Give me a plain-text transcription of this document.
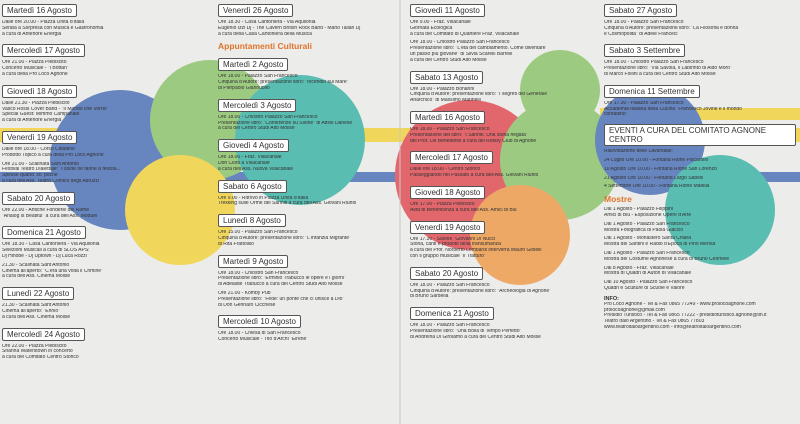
Martedì 16 Agosto
Dalle ore 20.00 - Piazza Unità d'Italia
Serata a Sorpresa con Musica e Gastronomia
a cura di Antenore Energia
Mercoledì 17 Agosto
Ore 21.00 - Piazza Plebiscito
Concerto Musicale - "I Bottari"
a cura della Pro Loco Agnone
Giovedì 18 Agosto
Dalle 21.30 - Piazza Plebiscito
Vasco Rossi Cover Band - "Il Mondo che Vorrei"
Special Guest: Mimmo Campanale
a cura di Antenore Energia
Venerdì 19 Agosto
Dalle ore 18.00 - Corso Cittadino
Prodotto Topico a cura della Pro Loco Agnone
Ore 21.00 - Scalinata Sant'Antonio
Festival Teatro Dialettale: "I solde ne fanne a felicità...
Spesse quand' so' poche"
a cura dell'Ass. Teatro Comico degli Abruzzi
Sabato 20 Agosto
Ore 22.00 - Antiche Fonderie del Rame
"Analog is Beatiful" a cura dell'Ass. Moduel
Domenica 21 Agosto
Ore 18.30 - Casa Cantoniera - Via Aquilonia
Selezioni Musicali a cura di SLOS APS:
Dj Hinobe - Dj Uptown - Dj Luca Rozzi
21.30 - Scalinata Sant'Antonio
Cinema all'aperto: "C'era una volta il Crimine"
a cura dell'Ass. Cinema Molise
Lunedì 22 Agosto
21.30 - Scalinata Sant'Antonio
Cinema all'aperto: "Ennio"
a cura dell'Ass. Cinema Molise
Mercoledì 24 Agosto
Ore 22.00 - Piazza Plebiscito
Shanna Waterstown in concerto
a cura del Comitato Centro Storico
Venerdì 26 Agosto
Ore 18.30 - Casa Cantoniera - Via Aquilonia
Eugenio Izzi Dj - The Cavern British Rock Band - Mario Tallari Dj
a cura della Casa Cantoniera della Musica
Appuntamenti Culturali
Martedì 2 Agosto
Ore 18.00 - Palazzo San Francesco
Cinquina d'Autore: presentazione libro: "Incendio sul Mare"
di Pierpaolo Giannubilo
Mercoledì 3 Agosto
Ore 18.00 - Chiostro Palazzo San Francesco
Presentazione libro: "Conferenze su Silone" di Attilio Danese
a cura del Centro Studi Alto Molise
Giovedì 4 Agosto
Ore 18.00 - Fraz. Villacanale
Don Ciotti a Villacanale
a cura dell'Ass. Nuova Villacanale
Sabato 6 Agosto
Ore 9.00 - Ritrovo in Piazza Unità d'Italia
Trekking sulle Orme dei Sanniti a cura dell'Ass. Giovani Riuniti
Lunedì 8 Agosto
Ore 15.00 - Palazzo San Francesco
Cinquina d'Autore: presentazione libro: "L'infanzia Migrante"
di Rita Frattolillo
Martedì 9 Agosto
Ore 18.00 - Chiostro San Francesco
Presentazione libro: "Erminio Trabucco le opere e i giorni"
di Adelaide Trabucco a cura del Centro Studi Alto Molise
Ore 21.00 - Komby Pub
Presentazione libro: "Fede: un ponte che ci unisce a Dio"
di Don Gennaro Cicchese
Mercoledì 10 Agosto
Ore 18.00 - Chiesa di San Francesco
Concerto Musicale - Trio d'Archi "Eirene"
Giovedì 11 Agosto
Ore 9.00 - Fraz. Villacanale
Giornata Ecologica
a cura del Comitato di Quartiere Fraz. Villacanale
Ore 18.00 - Chiostro Palazzo San Francesco
Presentazione libro: "L'età del cambiamento. Come diventare
un passo più giovane" di Silvia Scarelli Barrelli
a cura del Centro Studi Alto Molise
Sabato 13 Agosto
Ore 18.00 - Palazzo Bonanni
Cinquina d'Autore: presentazione libro: "I segreti del Generale
Anarchico" di Massimo Marinelli
Martedì 16 Agosto
Ore 18.00 - Palazzo San Francesco
Presentazione del libro: "I Sanniti. Una storia negata"
del Prof. De Benedettis a cura del Rotary Club di Agnone
Mercoledì 17 Agosto
Dalle ore 18.00 - Centro Storico
Passeggiando nel Passato a cura dell'Ass. Giovani Riuniti
Giovedì 18 Agosto
Ore 17.00 - Piazza Plebiscito
Asta di Beneficenza a cura dell'Ass. Amici di Blu
Venerdì 19 Agosto
Ore 17.30 - Salone "Giovanni Di Nucci"
Storia, canti e prodotti della transumanza
a cura del Prof. Norberto Lombardi interverrà Mauro Gioielli
con il gruppo musicale "Il Tratturo"
Sabato 20 Agosto
Ore 18.00 - Palazzo San Francesco
Cinquina d'Autore: presentazione libro: "Archeologia di Agnone"
di Bruno Sardella
Domenica 21 Agosto
Ore 18.00 - Palazzo San Francesco
Presentazione libro: "Una Bolla di Tempo Perfetto"
di Andreina Di Girolamo a cura del Centro Studi Alto Molise
Sabato 27 Agosto
Ore 18.00 - Palazzo San Francesco
Cinquina d'Autore: presentazione libro: "La Filosofia è donna
e Cosmopolita" di Adele Franceci
Sabato 3 Settembre
Ore 18.00 - Chiostro Palazzo San Francesco
Presentazione libro: "Via Savoia, il Labirinto di Aldo Moro"
di Marco Follini a cura del Centro Studi Alto Molise
Domenica 11 Settembre
Ore 17.30 - Palazzo San Francesco
Accademia Italiana della Cucina "Francesco Jovine e il mondo
contadino"
EVENTI A CURA DEL COMITATO AGNONE CENTRO
Riavvolazione delle Lavandaie:
24 Luglio Ore 10.00 - Fontana Rione Piscarollo
10 Agosto Ore 10.00 - Fontana Rione San Lorenzo
21 Agosto Ore 10.00 - Fontana Largo Sabelli
4 Settembre Ore 10.00 - Fontana Rione Maiella
Mostre
Dal 1 Agosto - Palazzo Filippini
Amici di Blu - Esposizione Opere d'Arte
Dal 1 Agosto - Palazzo San Francesco
Mostra Fotografica di Paola Giaccio
Dal 1 Agosto - Monastero Santa Chiara
Mostra dei Santini e Radio d'Epoca di Pino Merola
Dal 1 Agosto - Palazzo San Francesco
Mostra del Costume Agnonese a cura di Bruno Cerimele
Dal 8 Agosto - Fraz. Villacanale
Mostra di Quadri di Autori di Villacanale
Dal 10 Agosto - Palazzo San Francesco
Quadri e Sculture di Scuole e Valore
INFO:
Pro Loco Agnone - Tel & Fax 0865 77249 - www.prolocoagnone.com
prolocoagnone@gmail.com
Presidio Turistico - Tel & Fax 0865 77222 - presidioturistico.agnone@tin.it
Teatro Italo Argentino - Tel & Fax 0865 77803
www.teatroitaloargentino.com - info@teatroitaloargentino.com
